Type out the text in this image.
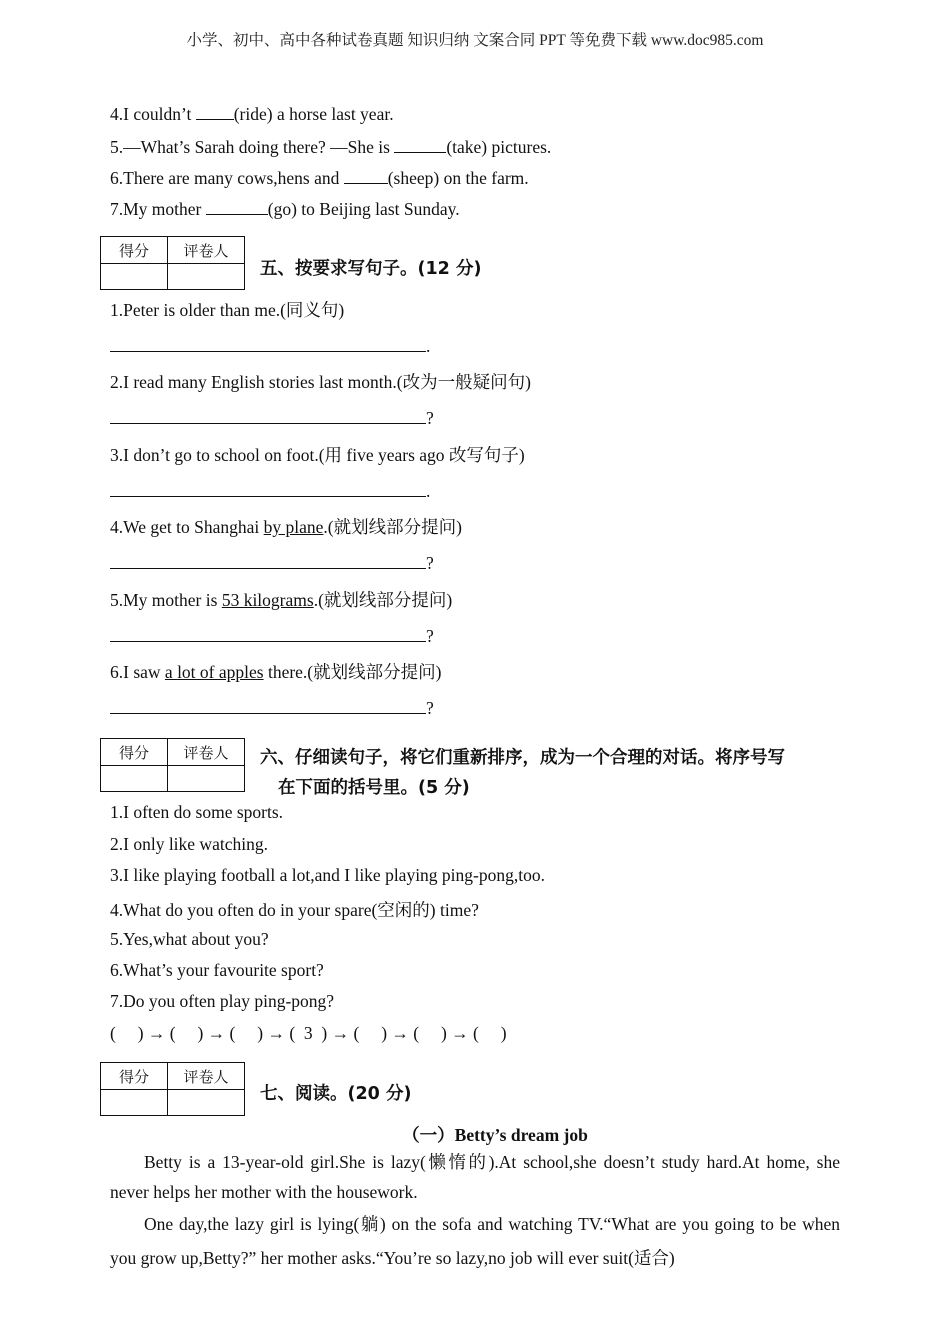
小学、初中、高中各种试卷真题 知识归纳 文案合同 PPT 等免费下载 www.doc985.com
4.I couldn’t (ride) a horse last year.
5.—What’s Sarah doing there? —She is	(take) pictures.
6.There are many cows,hens and	(sheep) on the farm.
7.My mother	(go) to Beijing last Sunday.
得分	评卷人

五、按要求写句子。(12 分)
1.Peter is older than me.(同义句)
.
2.I read many English stories last month.(改为一般疑问句)
?
3.I don’t go to school on foot.(用 five years ago 改写句子)
.
4.We get to Shanghai by plane.(就划线部分提问)
?
5.My mother is 53 kilograms.(就划线部分提问)
?
6.I saw a lot of apples there.(就划线部分提问)
?
得分	评卷人
	六、仔细读句子，将它们重新排序，成为一个合理的对话。将序号写
在下面的括号里。(5 分)
1.I often do some sports.
2.I only like watching.
3.I like playing football a lot,and I like playing ping-pong,too.
4.What do you often do in your spare(空闲的) time?
5.Yes,what about you?
6.What’s your favourite sport?
7.Do you often play ping-pong?
(     ) → (     ) → (     ) → (  3  ) → (     ) → (     ) → (     )
得分	评卷人

七、阅读。(20 分)
（一）Betty’s dream job
Betty is a 13-year-old girl.She is lazy(懒惰的).At school,she doesn’t study hard.At home, she never helps her mother with the housework.
One day,the lazy girl is lying(躺) on the sofa and watching TV.“What are you going to be when you grow up,Betty?” her mother asks.“You’re so lazy,no job will ever suit(适合)
